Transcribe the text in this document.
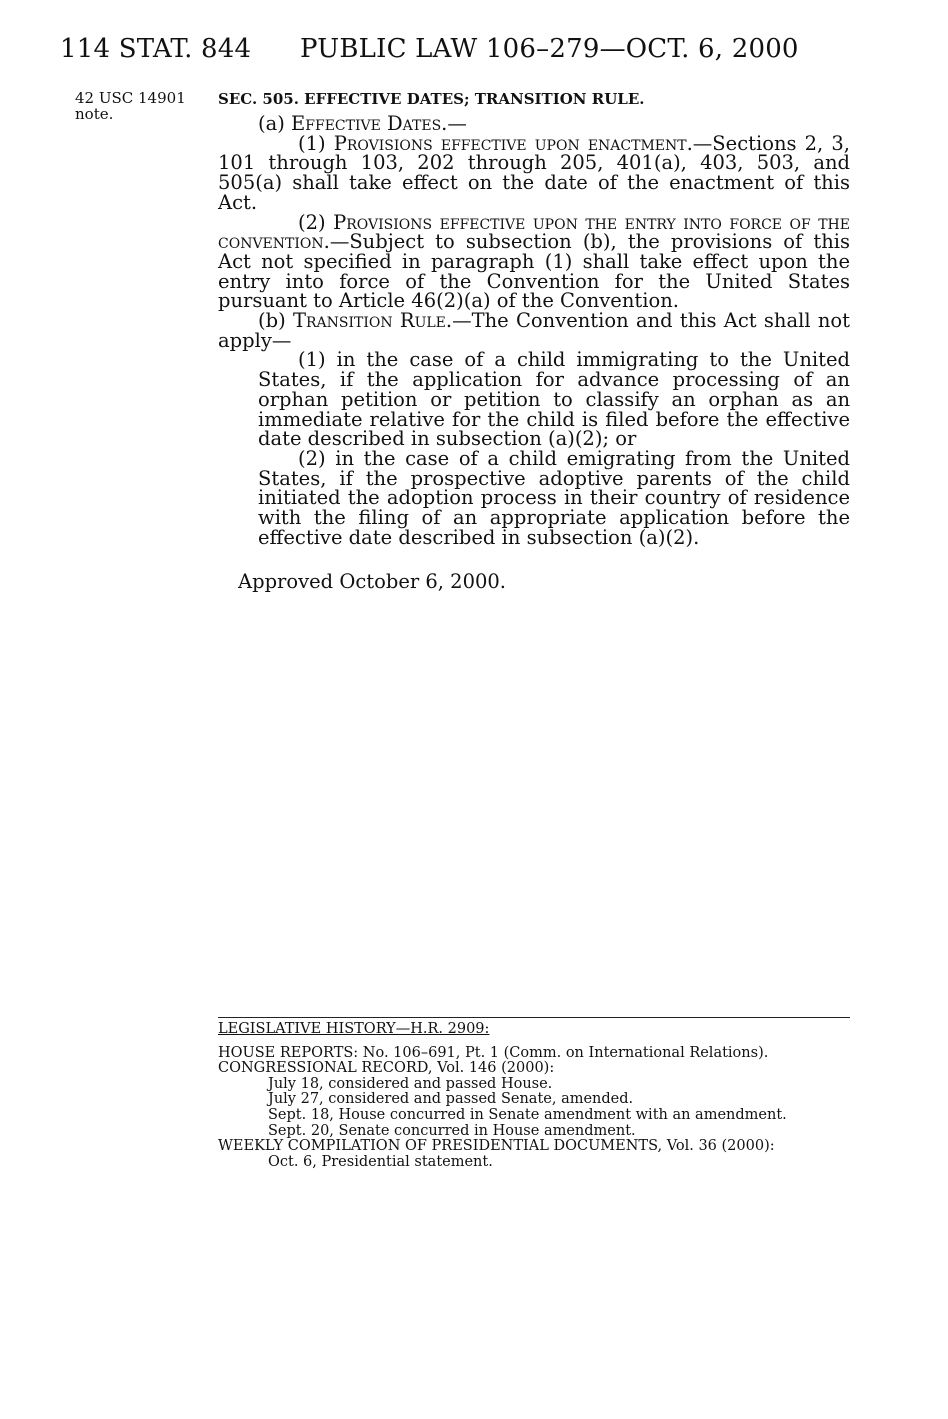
114 STAT. 844 PUBLIC LAW 106–279—OCT. 6, 2000
42 USC 14901
note.
SEC. 505. EFFECTIVE DATES; TRANSITION RULE.

(a) Effective Dates.—

(1) Provisions effective upon enactment.—Sections 2, 3, 101 through 103, 202 through 205, 401(a), 403, 503, and 505(a) shall take effect on the date of the enactment of this Act.

(2) Provisions effective upon the entry into force of the convention.—Subject to subsection (b), the provisions of this Act not specified in paragraph (1) shall take effect upon the entry into force of the Convention for the United States pursuant to Article 46(2)(a) of the Convention.

(b) Transition Rule.—The Convention and this Act shall not apply—

(1) in the case of a child immigrating to the United States, if the application for advance processing of an orphan petition or petition to classify an orphan as an immediate relative for the child is filed before the effective date described in subsection (a)(2); or

(2) in the case of a child emigrating from the United States, if the prospective adoptive parents of the child initiated the adoption process in their country of residence with the filing of an appropriate application before the effective date described in subsection (a)(2).

Approved October 6, 2000.

LEGISLATIVE HISTORY—H.R. 2909:

HOUSE REPORTS: No. 106–691, Pt. 1 (Comm. on International Relations).

CONGRESSIONAL RECORD, Vol. 146 (2000):

July 18, considered and passed House.

July 27, considered and passed Senate, amended.

Sept. 18, House concurred in Senate amendment with an amendment.

Sept. 20, Senate concurred in House amendment.

WEEKLY COMPILATION OF PRESIDENTIAL DOCUMENTS, Vol. 36 (2000):

Oct. 6, Presidential statement.
